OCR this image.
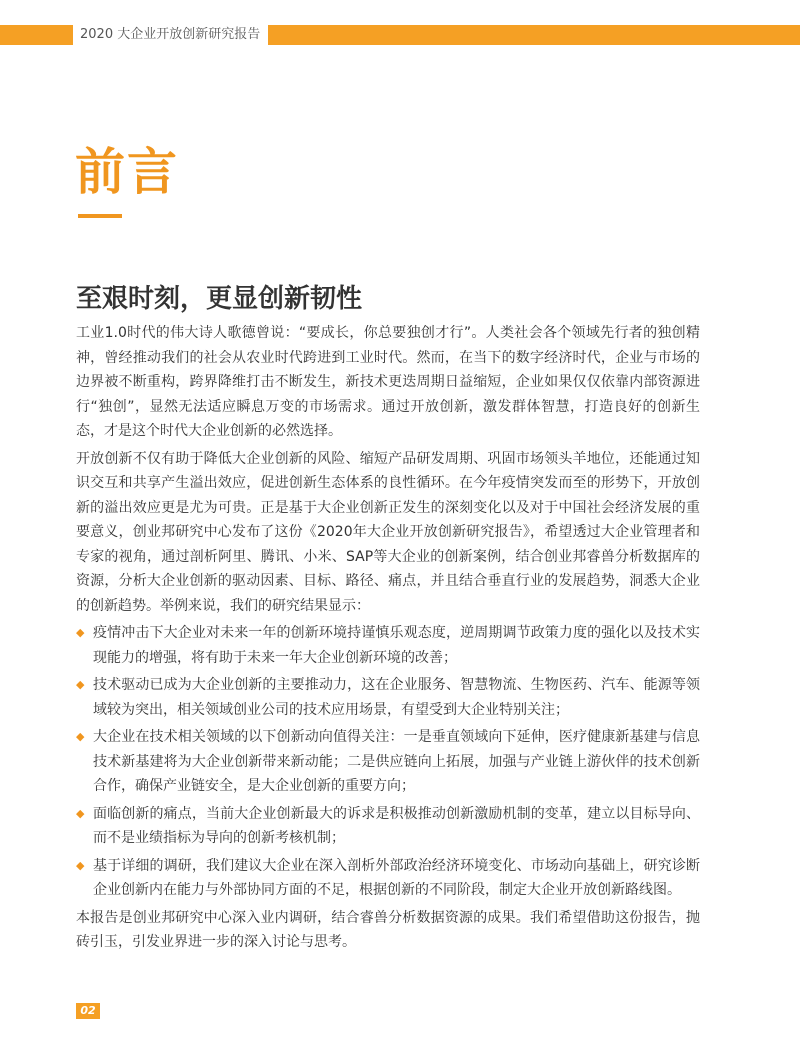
2020 大企业开放创新研究报告
前言
至艰时刻，更显创新韧性

工业1.0时代的伟大诗人歌德曾说：“要成长，你总要独创才行”。人类社会各个领域先行者的独创精神，曾经推动我们的社会从农业时代跨进到工业时代。然而，在当下的数字经济时代，企业与市场的边界被不断重构，跨界降维打击不断发生，新技术更迭周期日益缩短，企业如果仅仅依靠内部资源进行“独创”，显然无法适应瞬息万变的市场需求。通过开放创新，激发群体智慧，打造良好的创新生态，才是这个时代大企业创新的必然选择。

开放创新不仅有助于降低大企业创新的风险、缩短产品研发周期、巩固市场领头羊地位，还能通过知识交互和共享产生溢出效应，促进创新生态体系的良性循环。在今年疫情突发而至的形势下，开放创新的溢出效应更是尤为可贵。正是基于大企业创新正发生的深刻变化以及对于中国社会经济发展的重要意义，创业邦研究中心发布了这份《2020年大企业开放创新研究报告》，希望透过大企业管理者和专家的视角，通过剖析阿里、腾讯、小米、SAP等大企业的创新案例，结合创业邦睿兽分析数据库的资源，分析大企业创新的驱动因素、目标、路径、痛点，并且结合垂直行业的发展趋势，洞悉大企业的创新趋势。举例来说，我们的研究结果显示：

◆ 疫情冲击下大企业对未来一年的创新环境持谨慎乐观态度，逆周期调节政策力度的强化以及技术实现能力的增强，将有助于未来一年大企业创新环境的改善；
◆ 技术驱动已成为大企业创新的主要推动力，这在企业服务、智慧物流、生物医药、汽车、能源等领域较为突出，相关领域创业公司的技术应用场景，有望受到大企业特别关注；
◆ 大企业在技术相关领域的以下创新动向值得关注：一是垂直领域向下延伸，医疗健康新基建与信息技术新基建将为大企业创新带来新动能；二是供应链向上拓展，加强与产业链上游伙伴的技术创新合作，确保产业链安全，是大企业创新的重要方向；
◆ 面临创新的痛点，当前大企业创新最大的诉求是积极推动创新激励机制的变革，建立以目标导向、而不是业绩指标为导向的创新考核机制；
◆ 基于详细的调研，我们建议大企业在深入剖析外部政治经济环境变化、市场动向基础上，研究诊断企业创新内在能力与外部协同方面的不足，根据创新的不同阶段，制定大企业开放创新路线图。

本报告是创业邦研究中心深入业内调研，结合睿兽分析数据资源的成果。我们希望借助这份报告，抛砖引玉，引发业界进一步的深入讨论与思考。

02
